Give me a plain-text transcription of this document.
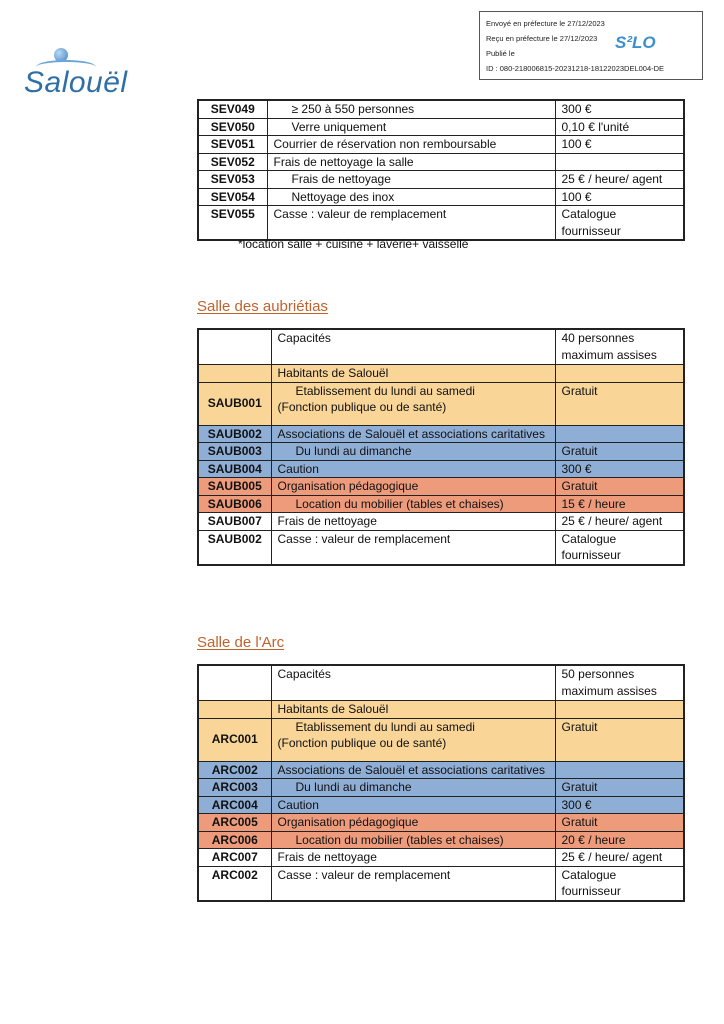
Salouël
Envoyé en préfecture le 27/12/2023
Reçu en préfecture le 27/12/2023
Publié le
ID : 080-218006815-20231218-18122023DEL004-DE
S²LO
SEV049	≥ 250 à 550 personnes	300 €
SEV050	Verre uniquement	0,10 € l'unité
SEV051	Courrier de réservation non remboursable	100 €
SEV052	Frais de nettoyage la salle	
SEV053	Frais de nettoyage	25 € / heure/ agent
SEV054	Nettoyage des inox	100 €
SEV055	Casse : valeur de remplacement	Catalogue fournisseur
*location salle + cuisine + laverie+ vaisselle
Salle des aubriétias
	Capacités	40 personnes maximum assises
	Habitants de Salouël	
SAUB001	Etablissement du lundi au samedi
(Fonction publique ou de santé)	Gratuit
SAUB002	Associations de Salouël et associations caritatives	
SAUB003	Du lundi au dimanche	Gratuit
SAUB004	Caution	300 €
SAUB005	Organisation pédagogique	Gratuit
SAUB006	Location du mobilier (tables et chaises)	15 € / heure
SAUB007	Frais de nettoyage	25 € / heure/ agent
SAUB002	Casse : valeur de remplacement	Catalogue fournisseur
Salle de l'Arc
	Capacités	50 personnes maximum assises
	Habitants de Salouël	
ARC001	Etablissement du lundi au samedi
(Fonction publique ou de santé)	Gratuit
ARC002	Associations de Salouël et associations caritatives	
ARC003	Du lundi au dimanche	Gratuit
ARC004	Caution	300 €
ARC005	Organisation pédagogique	Gratuit
ARC006	Location du mobilier (tables et chaises)	20 € / heure
ARC007	Frais de nettoyage	25 € / heure/ agent
ARC002	Casse : valeur de remplacement	Catalogue fournisseur
